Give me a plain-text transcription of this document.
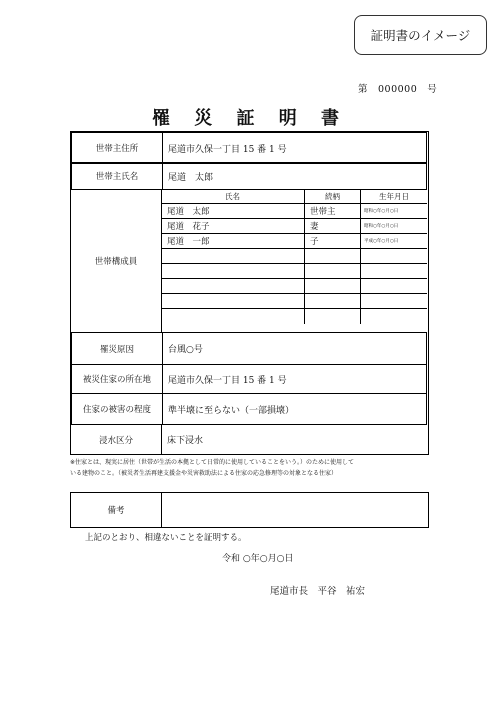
証明書のイメージ
第　000000　号
罹 災 証 明 書
世帯主住所	尾道市久保一丁目 15 番 1 号
世帯主氏名	尾道　太郎
世帯構成員
氏名	続柄	生年月日
尾道　太郎	世帯主	昭和○年○月○日
尾道　花子	妻	昭和○年○月○日
尾道　一郎	子	平成○年○月○日
罹災原因	台風○号
被災住家の所在地	尾道市久保一丁目 15 番 1 号
住家の被害の程度	準半壊に至らない（一部損壊）
浸水区分	床下浸水
※住家とは、現実に居住（世帯が生活の本拠として日常的に使用していることをいう。）のために使用して
いる建物のこと。（被災者生活再建支援金や災害救助法による住家の応急修理等の対象となる住家）
備考
上記のとおり、相違ないことを証明する。
令和 ○年○月○日
尾道市長　平谷　祐宏
